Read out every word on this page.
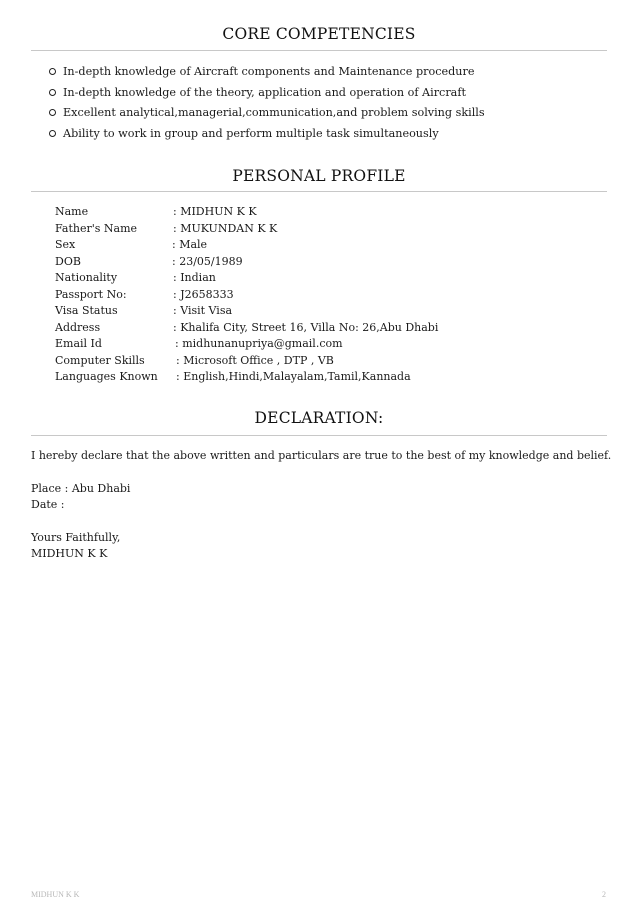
CORE COMPETENCIES
In-depth knowledge of Aircraft components and Maintenance procedure
In-depth knowledge of the theory, application and operation of Aircraft
Excellent analytical,managerial,communication,and problem solving skills
Ability to work in group and perform multiple task simultaneously
PERSONAL PROFILE
Name	: MIDHUN K K
Father's Name	: MUKUNDAN K K
Sex	: Male
DOB	: 23/05/1989
Nationality	: Indian
Passport No:	: J2658333
Visa Status	: Visit Visa
Address	: Khalifa City, Street 16, Villa No: 26,Abu Dhabi
Email Id	: midhunanupriya@gmail.com
Computer Skills	: Microsoft Office , DTP , VB
Languages Known : English,Hindi,Malayalam,Tamil,Kannada
DECLARATION:
I hereby declare that the above written and particulars are true to the best of my knowledge and belief.
Place : Abu Dhabi
Date :
Yours Faithfully,
MIDHUN K K
MIDHUN K K	2
